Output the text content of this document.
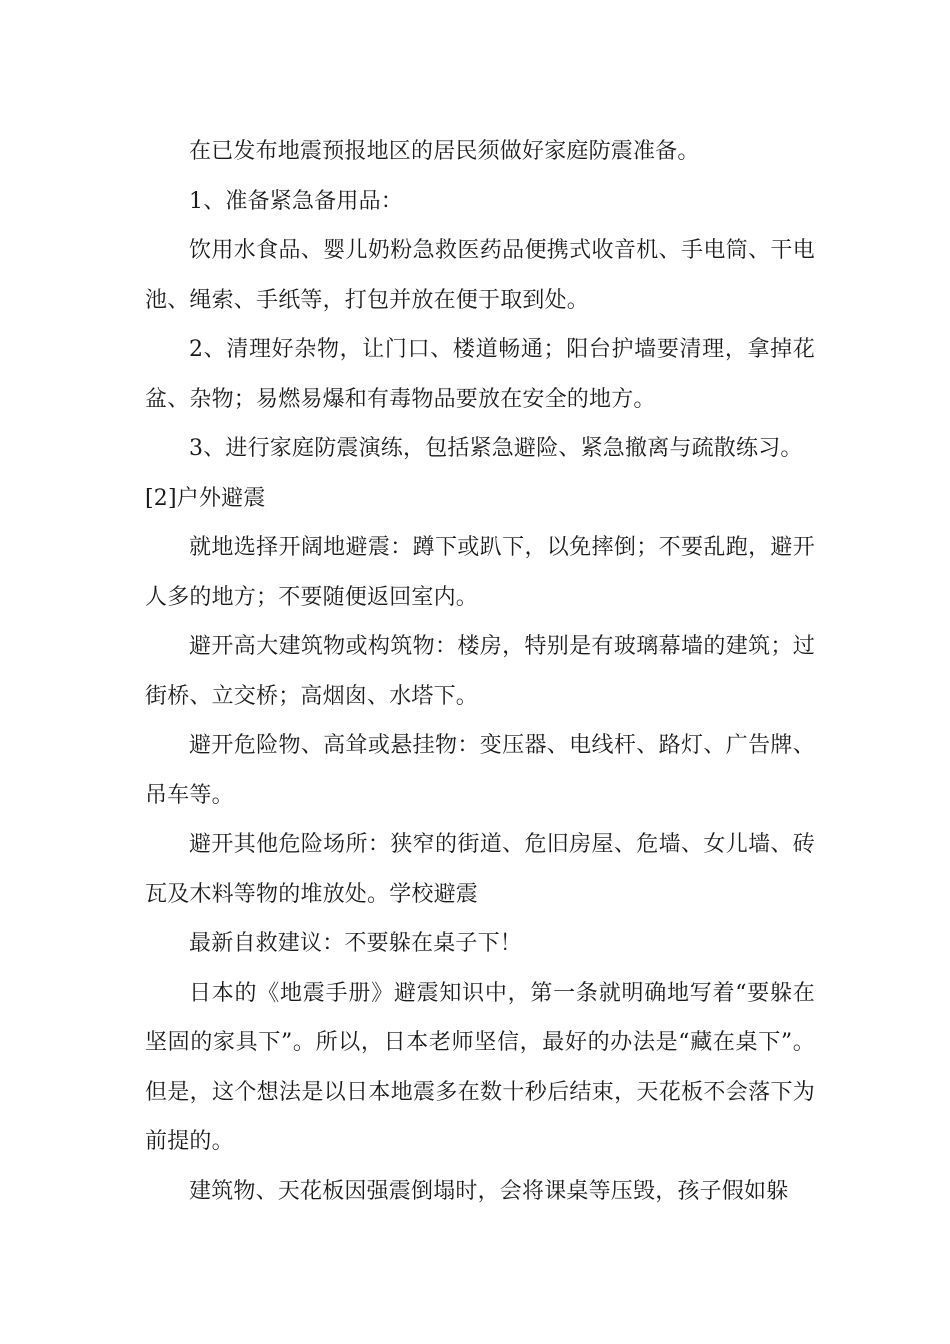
在已发布地震预报地区的居民须做好家庭防震准备。

1、准备紧急备用品：

饮用水食品、婴儿奶粉急救医药品便携式收音机、手电筒、干电池、绳索、手纸等，打包并放在便于取到处。

2、清理好杂物，让门口、楼道畅通；阳台护墙要清理，拿掉花盆、杂物；易燃易爆和有毒物品要放在安全的地方。

3、进行家庭防震演练，包括紧急避险、紧急撤离与疏散练习。

[2]户外避震

就地选择开阔地避震：蹲下或趴下，以免摔倒；不要乱跑，避开人多的地方；不要随便返回室内。

避开高大建筑物或构筑物：楼房，特别是有玻璃幕墙的建筑；过街桥、立交桥；高烟囱、水塔下。

避开危险物、高耸或悬挂物：变压器、电线杆、路灯、广告牌、吊车等。

避开其他危险场所：狭窄的街道、危旧房屋、危墙、女儿墙、砖瓦及木料等物的堆放处。学校避震

最新自救建议：不要躲在桌子下！

日本的《地震手册》避震知识中，第一条就明确地写着“要躲在坚固的家具下”。所以，日本老师坚信，最好的办法是“藏在桌下”。但是，这个想法是以日本地震多在数十秒后结束，天花板不会落下为前提的。

建筑物、天花板因强震倒塌时，会将课桌等压毁，孩子假如躲
